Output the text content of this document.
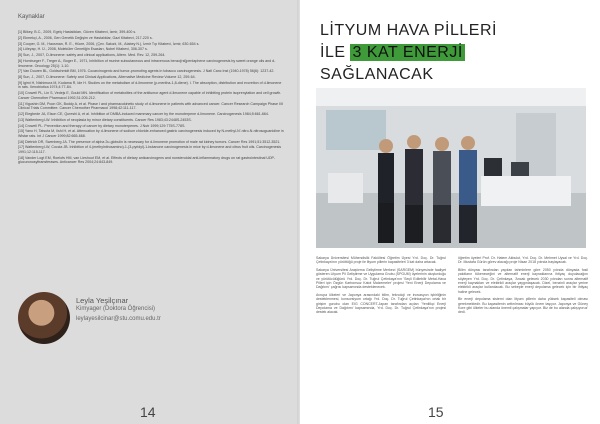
Kaynaklar

[1] Bilkey, B.C., 2009, Egelç Hastalıkları, Güven Kitabevi, İzmir, 399-400 s.

[2] Ekmekçi, A., 2006, Gen Genetik Değişim ve Hastalıklar, Gazi Kitabevi, 217-220 s.

[3] Cooper, G. M., Hausman, R. E., Hücre, 2006, (Çev. Sakızlı, M., Atabey N.), İzmir Tıp Kitabevi, İzmir, 630-654 s.

[4] Lüleyap, H. Ü., 2008, Moleküler Genetiğin Esasları, Nobel Kitabevi, 306-307 s.

[5] Sun, J., 2007, D-limonene: safety and clinical applications, Altern. Med. Rev. 12, 259-264.

[6] Homburger F., Treger A., Boger E., 1971, Inhibition of murine subcutaneous and intravenous benzo[rst]pentaphene carcinogenesis by sweet orange oils and d-limonene. Oncology 25(1): 1-10.

[7] Van Duuren BL, Goldschmidt BM, 1976. Cocarcinogenic and tumor-promoting agents in tobacco carcinogenesis. J Natl Canc Inst (1940-1978) 56(6): 1237-42.

[8] Sun, J., 2007, D-limonene: Safety and Clinical Applications, Alternative Medicine Review Volume 12, 259-64.

[9] Igimi H, Nishimura M, Kodama R, Ide H. Studies on the metabolism of d-limonene (p-mentha-1,8-diene). I. The absorption, distribution and excretion of d-limonene in rats. Xenobiotica 1974;4:77-84.

[10] Crowell PL, Lin S, Vedejs E, Gould MN. Identification of metabolites of the antitumor agent d-limonene capable of inhibiting protein isoprenylation and cell growth. Cancer Chemother Pharmacol 1992;31:205-212.

[11] Vigushin DM, Poon GK, Boddy A, et al. Phase I and pharmacokinetic study of d-limonene in patients with advanced cancer. Cancer Research Campaign Phase I/II Clinical Trials Committee. Cancer Chemother Pharmacol 1998;42:111-117.

[12] Elegbede JA, Elson CE, Qureshi A, et al. Inhibition of DMBA-induced mammary cancer by the monoterpene d-limonene. Carcinogenesis 1984;5:661-664.

[13] Wattenberg LW. Inhibition of neoplasia by minor dietary constituents. Cancer Res 1983;43:2448S-2453S.

[14] Crowell PL. Prevention and therapy of cancer by dietary monoterpenes. J Nutr 1999;129:775S-778S.

[15] Yano H, Tatsuta M, Iishi H, et al. Attenuation by d-limonene of sodium chloride-enhanced gastric carcinogenesis induced by N-methyl-N'-nitro-N-nitrosoguanidine in Wistar rats. Int J Cancer 1999;82:665-668.

[16] Dietrich DR, Swenberg JA. The presence of alpha 2u-globulin is necessary for d-limonene promotion of male rat kidney tumors. Cancer Res 1991;51:3512-3521.

[17] Wattenberg LW, Coccia JB. Inhibition of 4-(methylnitrosamino)-1-(3-pyridyl)-1-butanone carcinogenesis in mice by d-limonene and citrus fruit oils. Carcinogenesis 1991;12:115-117.

[18] Vander Logt EM, Roelofs HM, van Lieshout EM, et al. Effects of dietary anticarcinogens and nonsteroidal anti-inflammatory drugs on rat gastrointestinal UDP-glucuronosyltransferases. Anticancer Res 2004;24:843-849.

Leyla Yeşilçınar
Kimyager (Doktora Öğrencisi)
leylayesilcinar@stu.comu.edu.tr
14
LİTYUM HAVA PİLLERİ
İLE 3 KAT ENERJİ
SAĞLANACAK

Sakarya Üniversitesi Mühendislik Fakültesi Öğretim Üyesi Yrd. Doç. Dr. Tuğrul Çetinkaya'nın yürüttüğü proje ile lityum pillerin kapasiteleri 3 kat daha artacak.

Sakarya Üniversitesi Araştırma Geliştirme Merkezi (SARGEM) bünyesinde faaliyet gösteren Lityum Pil Geliştirme ve Uygulama Grubu (SPGUM) üyelerinin oluşturduğu ve yürütücülüğünü Yrd. Doç. Dr. Tuğrul Çetinkaya'nın 'Seçli Edilebilir Metal-Hava Pilleri için Özgün Karbonsuz Katot Malzemeler' projesi 'Yeni Enerji Depolama ve Dağıtımı' çağrısı kapsamında desteklenecek.

Avrupa ülkeleri ve Japonya arasındaki bilim, teknoloji ve inovasyon işbirliğinin desteklenmesi, konsorsiyum ortağı Yrd. Doç. Dr. Tuğrul Çetinkaya'nın ortak bir girişim gurubu olan EIG CONCERT-Japan tarafından açılan 'Yenilikçi Enerji Depolama ve Dağıtımı' kapsamında, Yrd. Doç. Dr. Tuğrul Çetinkaya'nın projesi destek alacak.

öğretim üyeleri Prof. Dr. Hatem Akbulut, Yrd. Doç. Dr. Mehmet Uysal ve Yrd. Doç. Dr. Mustafa Gürün görev alacağı proje Nisan 2018 yılında başlayacak.

Bilim dünyası tarafından yapılan tahminlere göre 2050 yılında dünyada fosil yakıtların tükeneceğini ve alternatif enerji kaynaklarına ihtiyaç duyulacağını söyleyen Yrd. Doç. Dr. Çetinkaya, 'Ancak gelecek 2030 yılından sonra alternatif enerji kaynakları ve elektrikli araçlar yaygınlaşacak. Dizel, benzinli araçlar yerine elektrikli araçlar kullanılacak. Bu sebeple enerji depolama gelecek için bir ihtiyaç haline gelecek.

Bir enerji depolama sistemi olan lityum pillerin daha yüksek kapasiteli olması gerekmektedir. Bu kapasitenin arttırılması büyük önem taşıyor. Japonya ve Güney Kore gibi ülkeler bu alanda önemli çalışmalar yapıyor. Biz de bu alanda çalışıyoruz' dedi.

15
